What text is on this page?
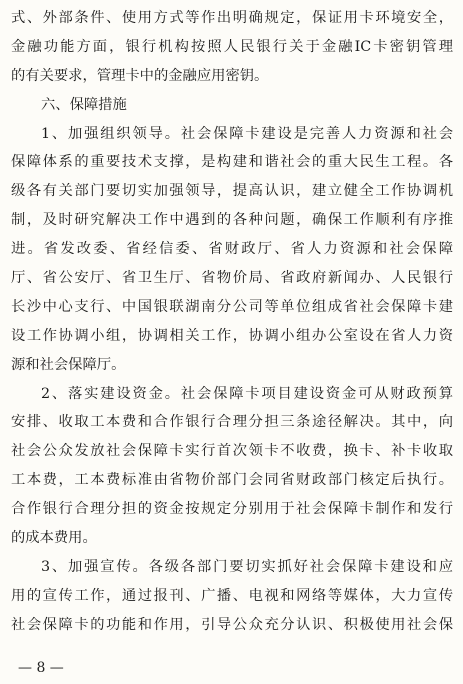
式、外部条件、使用方式等作出明确规定，保证用卡环境安全，
金融功能方面，银行机构按照人民银行关于金融IC卡密钥管理
的有关要求，管理卡中的金融应用密钥。
六、保障措施
1、加强组织领导。社会保障卡建设是完善人力资源和社会
保障体系的重要技术支撑，是构建和谐社会的重大民生工程。各
级各有关部门要切实加强领导，提高认识，建立健全工作协调机
制，及时研究解决工作中遇到的各种问题，确保工作顺利有序推
进。省发改委、省经信委、省财政厅、省人力资源和社会保障
厅、省公安厅、省卫生厅、省物价局、省政府新闻办、人民银行
长沙中心支行、中国银联湖南分公司等单位组成省社会保障卡建
设工作协调小组，协调相关工作，协调小组办公室设在省人力资
源和社会保障厅。
2、落实建设资金。社会保障卡项目建设资金可从财政预算
安排、收取工本费和合作银行合理分担三条途径解决。其中，向
社会公众发放社会保障卡实行首次领卡不收费，换卡、补卡收取
工本费，工本费标准由省物价部门会同省财政部门核定后执行。
合作银行合理分担的资金按规定分别用于社会保障卡制作和发行
的成本费用。
3、加强宣传。各级各部门要切实抓好社会保障卡建设和应
用的宣传工作，通过报刊、广播、电视和网络等媒体，大力宣传
社会保障卡的功能和作用，引导公众充分认识、积极使用社会保
— 8 —
